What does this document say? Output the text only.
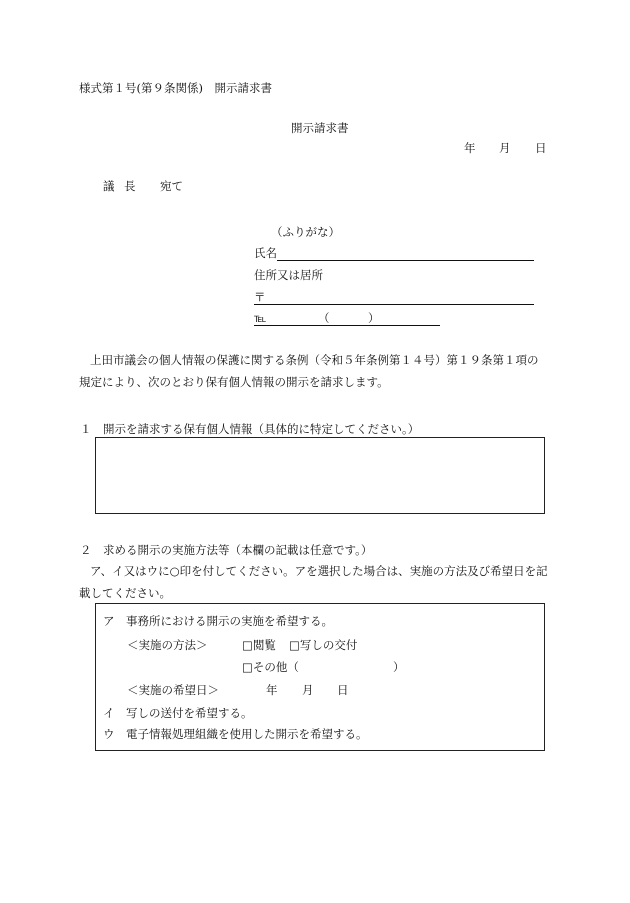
様式第１号(第９条関係)　開示請求書
開示請求書
年 月 日
議 長 宛て
（ふりがな）
氏名
住所又は居所
〒
℡	（	）
上田市議会の個人情報の保護に関する条例（令和５年条例第１４号）第１９条第１項の規定により、次のとおり保有個人情報の開示を請求します。
１　開示を請求する保有個人情報（具体的に特定してください。）
２　求める開示の実施方法等（本欄の記載は任意です。）
ア、イ又はウに○印を付してください。アを選択した場合は、実施の方法及び希望日を記載してください。
ア　事務所における開示の実施を希望する。
＜実施の方法＞	□閲覧 □写しの交付
□その他（	）
＜実施の希望日＞	年 月 日
イ　写しの送付を希望する。
ウ　電子情報処理組織を使用した開示を希望する。
